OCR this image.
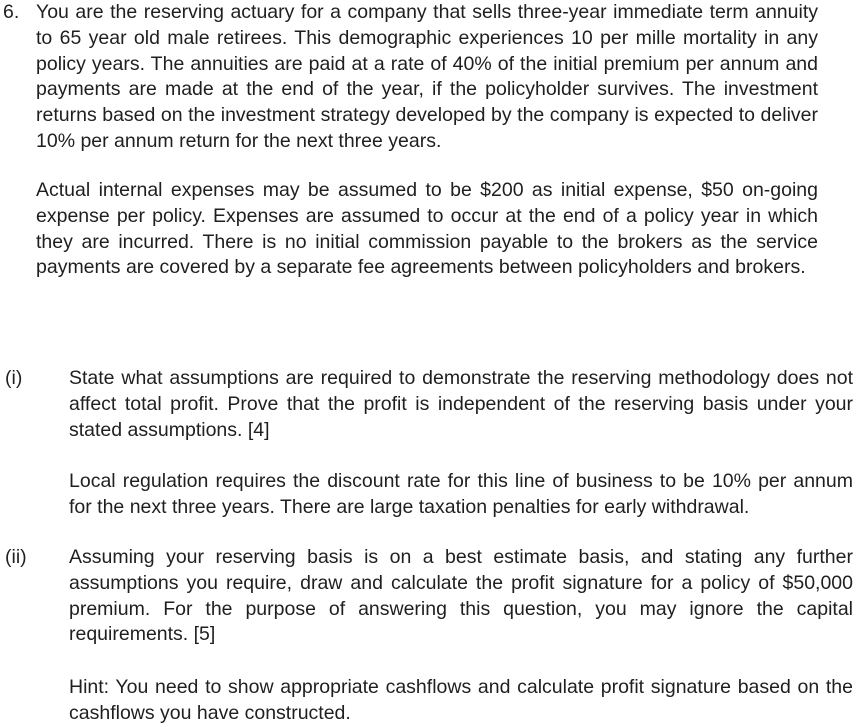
6. You are the reserving actuary for a company that sells three-year immediate term annuity to 65 year old male retirees. This demographic experiences 10 per mille mortality in any policy years. The annuities are paid at a rate of 40% of the initial premium per annum and payments are made at the end of the year, if the policyholder survives. The investment returns based on the investment strategy developed by the company is expected to deliver 10% per annum return for the next three years.

Actual internal expenses may be assumed to be $200 as initial expense, $50 on-going expense per policy. Expenses are assumed to occur at the end of a policy year in which they are incurred. There is no initial commission payable to the brokers as the service payments are covered by a separate fee agreements between policyholders and brokers.

(i) State what assumptions are required to demonstrate the reserving methodology does not affect total profit. Prove that the profit is independent of the reserving basis under your stated assumptions. [4]

Local regulation requires the discount rate for this line of business to be 10% per annum for the next three years. There are large taxation penalties for early withdrawal.

(ii) Assuming your reserving basis is on a best estimate basis, and stating any further assumptions you require, draw and calculate the profit signature for a policy of $50,000 premium. For the purpose of answering this question, you may ignore the capital requirements. [5]

Hint: You need to show appropriate cashflows and calculate profit signature based on the cashflows you have constructed.
